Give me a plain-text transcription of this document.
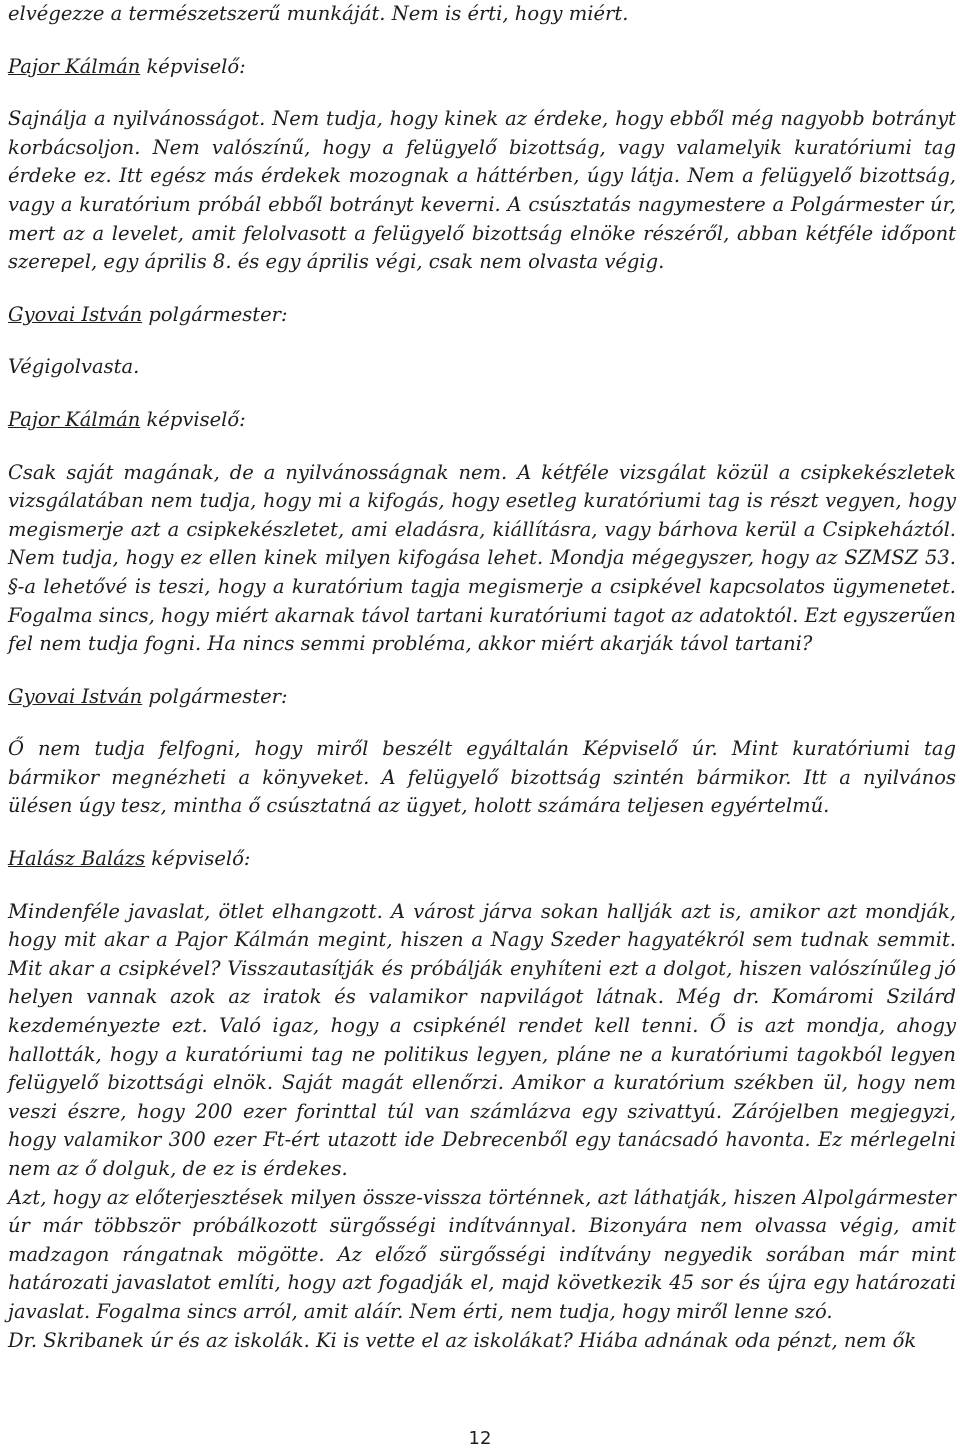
elvégezze a természetszerű munkáját. Nem is érti, hogy miért.

Pajor Kálmán képviselő:

Sajnálja a nyilvánosságot. Nem tudja, hogy kinek az érdeke, hogy ebből még nagyobb botrányt korbácsoljon. Nem valószínű, hogy a felügyelő bizottság, vagy valamelyik kuratóriumi tag érdeke ez. Itt egész más érdekek mozognak a háttérben, úgy látja. Nem a felügyelő bizottság, vagy a kuratórium próbál ebből botrányt keverni. A csúsztatás nagymestere a Polgármester úr, mert az a levelet, amit felolvasott a felügyelő bizottság elnöke részéről, abban kétféle időpont szerepel, egy április 8. és egy április végi, csak nem olvasta végig.

Gyovai István polgármester:

Végigolvasta.

Pajor Kálmán képviselő:

Csak saját magának, de a nyilvánosságnak nem. A kétféle vizsgálat közül a csipkekészletek vizsgálatában nem tudja, hogy mi a kifogás, hogy esetleg kuratóriumi tag is részt vegyen, hogy megismerje azt a csipkekészletet, ami eladásra, kiállításra, vagy bárhova kerül a Csipkeháztól. Nem tudja, hogy ez ellen kinek milyen kifogása lehet. Mondja mégegyszer, hogy az SZMSZ 53. §-a lehetővé is teszi, hogy a kuratórium tagja megismerje a csipkével kapcsolatos ügymenetet. Fogalma sincs, hogy miért akarnak távol tartani kuratóriumi tagot az adatoktól. Ezt egyszerűen fel nem tudja fogni. Ha nincs semmi probléma, akkor miért akarják távol tartani?

Gyovai István polgármester:

Ő nem tudja felfogni, hogy miről beszélt egyáltalán Képviselő úr. Mint kuratóriumi tag bármikor megnézheti a könyveket. A felügyelő bizottság szintén bármikor. Itt a nyilvános ülésen úgy tesz, mintha ő csúsztatná az ügyet, holott számára teljesen egyértelmű.

Halász Balázs képviselő:

Mindenféle javaslat, ötlet elhangzott. A várost járva sokan hallják azt is, amikor azt mondják, hogy mit akar a Pajor Kálmán megint, hiszen a Nagy Szeder hagyatékról sem tudnak semmit. Mit akar a csipkével? Visszautasítják és próbálják enyhíteni ezt a dolgot, hiszen valószínűleg jó helyen vannak azok az iratok és valamikor napvilágot látnak. Még dr. Komáromi Szilárd kezdeményezte ezt. Való igaz, hogy a csipkénél rendet kell tenni. Ő is azt mondja, ahogy hallották, hogy a kuratóriumi tag ne politikus legyen, pláne ne a kuratóriumi tagokból legyen felügyelő bizottsági elnök. Saját magát ellenőrzi. Amikor a kuratórium székben ül, hogy nem veszi észre, hogy 200 ezer forinttal túl van számlázva egy szivattyú. Zárójelben megjegyzi, hogy valamikor 300 ezer Ft-ért utazott ide Debrecenből egy tanácsadó havonta. Ez mérlegelni nem az ő dolguk, de ez is érdekes.

Azt, hogy az előterjesztések milyen össze-vissza történnek, azt láthatják, hiszen Alpolgármester úr már többször próbálkozott sürgősségi indítvánnyal. Bizonyára nem olvassa végig, amit madzagon rángatnak mögötte. Az előző sürgősségi indítvány negyedik sorában már mint határozati javaslatot említi, hogy azt fogadják el, majd következik 45 sor és újra egy határozati javaslat. Fogalma sincs arról, amit aláír. Nem érti, nem tudja, hogy miről lenne szó.

Dr. Skribanek úr és az iskolák. Ki is vette el az iskolákat? Hiába adnának oda pénzt, nem ők

12
